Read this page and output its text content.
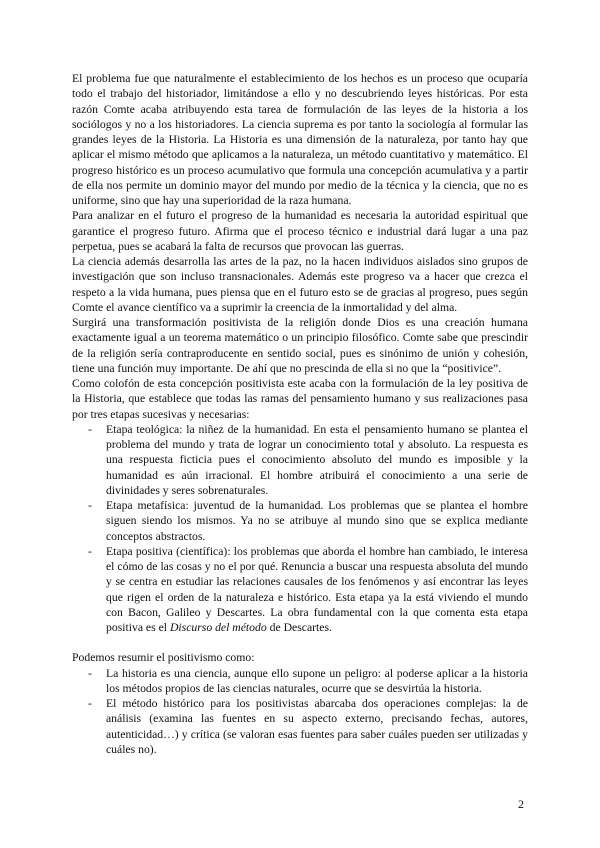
El problema fue que naturalmente el establecimiento de los hechos es un proceso que ocuparía todo el trabajo del historiador, limitándose a ello y no descubriendo leyes históricas. Por esta razón Comte acaba atribuyendo esta tarea de formulación de las leyes de la historia a los sociólogos y no a los historiadores. La ciencia suprema es por tanto la sociología al formular las grandes leyes de la Historia. La Historia es una dimensión de la naturaleza, por tanto hay que aplicar el mismo método que aplicamos a la naturaleza, un método cuantitativo y matemático. El progreso histórico es un proceso acumulativo que formula una concepción acumulativa y a partir de ella nos permite un dominio mayor del mundo por medio de la técnica y la ciencia, que no es uniforme, sino que hay una superioridad de la raza humana.

Para analizar en el futuro el progreso de la humanidad es necesaria la autoridad espiritual que garantice el progreso futuro. Afirma que el proceso técnico e industrial dará lugar a una paz perpetua, pues se acabará la falta de recursos que provocan las guerras.

La ciencia además desarrolla las artes de la paz, no la hacen individuos aislados sino grupos de investigación que son incluso transnacionales. Además este progreso va a hacer que crezca el respeto a la vida humana, pues piensa que en el futuro esto se de gracias al progreso, pues según Comte el avance científico va a suprimir la creencia de la inmortalidad y del alma.

Surgirá una transformación positivista de la religión donde Dios es una creación humana exactamente igual a un teorema matemático o un principio filosófico. Comte sabe que prescindir de la religión sería contraproducente en sentido social, pues es sinónimo de unión y cohesión, tiene una función muy importante. De ahí que no prescinda de ella si no que la “positivice”.

Como colofón de esta concepción positivista este acaba con la formulación de la ley positiva de la Historia, que establece que todas las ramas del pensamiento humano y sus realizaciones pasa por tres etapas sucesivas y necesarias:

- Etapa teológica: la niñez de la humanidad. En esta el pensamiento humano se plantea el problema del mundo y trata de lograr un conocimiento total y absoluto. La respuesta es una respuesta ficticia pues el conocimiento absoluto del mundo es imposible y la humanidad es aún irracional. El hombre atribuirá el conocimiento a una serie de divinidades y seres sobrenaturales.
- Etapa metafísica: juventud de la humanidad. Los problemas que se plantea el hombre siguen siendo los mismos. Ya no se atribuye al mundo sino que se explica mediante conceptos abstractos.
- Etapa positiva (científica): los problemas que aborda el hombre han cambiado, le interesa el cómo de las cosas y no el por qué. Renuncia a buscar una respuesta absoluta del mundo y se centra en estudiar las relaciones causales de los fenómenos y así encontrar las leyes que rigen el orden de la naturaleza e histórico. Esta etapa ya la está viviendo el mundo con Bacon, Galileo y Descartes. La obra fundamental con la que comenta esta etapa positiva es el Discurso del método de Descartes.

Podemos resumir el positivismo como:

- La historia es una ciencia, aunque ello supone un peligro: al poderse aplicar a la historia los métodos propios de las ciencias naturales, ocurre que se desvirtúa la historia.
- El método histórico para los positivistas abarcaba dos operaciones complejas: la de análisis (examina las fuentes en su aspecto externo, precisando fechas, autores, autenticidad…) y crítica (se valoran esas fuentes para saber cuáles pueden ser utilizadas y cuáles no).
2
